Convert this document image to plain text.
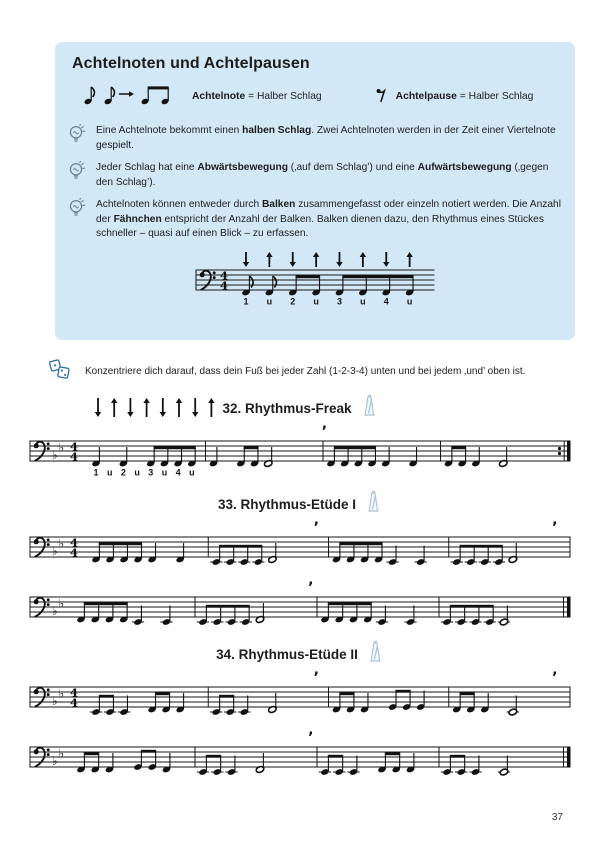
Achtelnoten und Achtelpausen

Achtelnote = Halber Schlag	Achtelpause = Halber Schlag

Eine Achtelnote bekommt einen halben Schlag. Zwei Achtelnoten werden in der Zeit einer Viertelnote gespielt.

Jeder Schlag hat eine Abwärtsbewegung (‚auf dem Schlag’) und eine Aufwärtsbewegung (‚gegen den Schlag’).

Achtelnoten können entweder durch Balken zusammengefasst oder einzeln notiert werden. Die Anzahl der Fähnchen entspricht der Anzahl der Balken. Balken dienen dazu, den Rhythmus eines Stückes schneller – quasi auf einen Blick – zu erfassen.

4
4
1 u 2 u 3 u 4 u

Konzentriere dich darauf, dass dein Fuß bei jeder Zahl (1-2-3-4) unten und bei jedem ‚und’ oben ist.

32. Rhythmus-Freak
♭
♭ 4
4
1 u 2 u 3 u 4 u
’
33. Rhythmus-Etüde I
♭
♭ 4
4
’	’
♭
♭
’
34. Rhythmus-Etüde II
♭
♭ 4
4
’	’
♭
♭
’
37
